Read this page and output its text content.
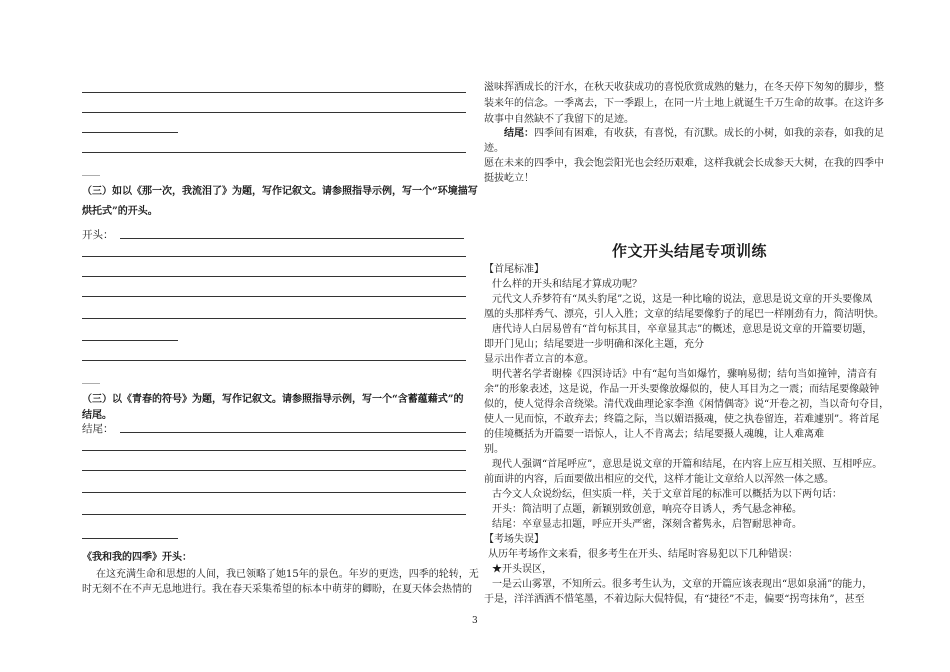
____
（三）如以《那一次，我流泪了》为题，写作记叙文。请参照指导示例，写一个“环境描写
烘托式”的开头。
开头：
____
（三）以《青春的符号》为题，写作记叙文。请参照指导示例，写一个“含蓄蕴藉式”的
结尾。
结尾：
《我和我的四季》开头：
在这充满生命和思想的人间，我已领略了她15年的景色。年岁的更迭，四季的轮转，无
时无刻不在不声无息地进行。我在春天采集希望的标本中萌芽的卿盼，在夏天体会热情的
滋味挥洒成长的汗水，在秋天收获成功的喜悦欣赏成熟的魅力，在冬天停下匆匆的脚步，整
装来年的信念。一季离去，下一季跟上，在同一片土地上就诞生千万生命的故事。在这许多
故事中自然缺不了我留下的足迹。
结尾：四季间有困难，有收获，有喜悦，有沉默。成长的小树，如我的亲春，如我的足
迹。
愿在未来的四季中，我会饱尝阳光也会经历艰难，这样我就会长成参天大树，在我的四季中
挺拔屹立！
作文开头结尾专项训练
【首尾标准】
什么样的开头和结尾才算成功呢？
元代文人乔梦符有“凤头豹尾”之说，这是一种比喻的说法，意思是说文章的开头要像凤
凰的头那样秀气、漂亮，引人入胜；文章的结尾要像豹子的尾巴一样刚劲有力，简洁明快。
唐代诗人白居易曾有“首句标其目，卒章显其志”的概述，意思是说文章的开篇要切题，
即开门见山；结尾要进一步明确和深化主题，充分
显示出作者立言的本意。
明代著名学者谢榛《四溟诗话》中有“起句当如爆竹，骤响易彻；结句当如撞钟，清音有
余”的形象表述，这是说，作品一开头要像放爆似的，使人耳目为之一震；而结尾要像敲钟
似的，使人觉得余音绕梁。清代戏曲理论家李渔《闲情偶寄》说“开卷之初，当以奇句夺目，
使人一见而惊，不敢弃去；终篇之际，当以媚语摄魂，使之执卷留连，若难遽别”。将首尾
的佳境概括为开篇要一语惊人，让人不肯离去；结尾要摄人魂魄，让人难离难
别。
现代人强调“首尾呼应”，意思是说文章的开篇和结尾，在内容上应互相关照、互相呼应。
前面讲的内容，后面要做出相应的交代，这样才能让文章给人以浑然一体之感。
古今文人众说纷纭，但实质一样，关于文章首尾的标准可以概括为以下两句话：
开头：简洁明了点题，新颖别致创意，响亮夺目诱人，秀气悬念神秘。
结尾：卒章显志扣题，呼应开头严密，深刻含蓄隽永，启智耐思神奇。
【考场失误】
从历年考场作文来看，很多考生在开头、结尾时容易犯以下几种错误：
★开头误区，
一是云山雾罩，不知所云。很多考生认为，文章的开篇应该表现出“思如泉涌”的能力，
于是，洋洋洒洒不惜笔墨，不着边际大侃特侃，有“捷径”不走，偏要“拐弯抹角”，甚至
3
